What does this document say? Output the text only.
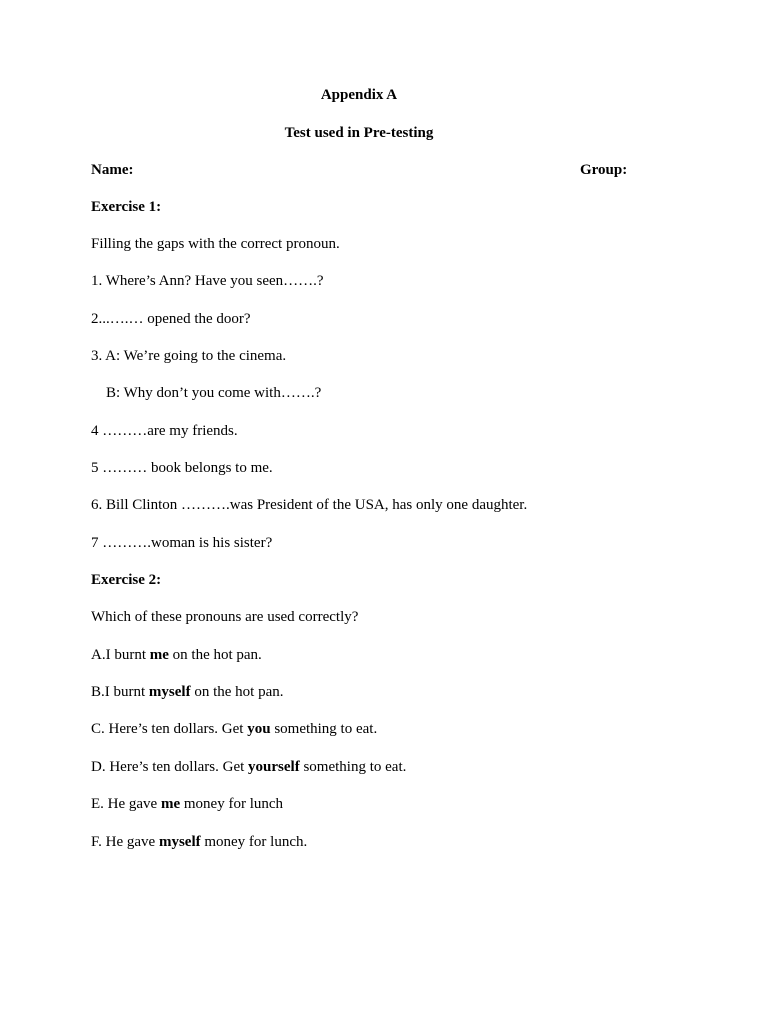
Appendix A
Test used in Pre-testing
Name:	Group:
Exercise 1:
Filling the gaps with the correct pronoun.
1. Where’s Ann? Have you seen…….?
2...….… opened the door?
3. A: We’re going to the cinema.
B: Why don’t you come with…….?
4 ………are my friends.
5 ……… book belongs to me.
6. Bill Clinton ……….was President of the USA, has only one daughter.
7 ……….woman is his sister?
Exercise 2:
Which of these pronouns are used correctly?
A.I burnt me on the hot pan.
B.I burnt myself on the hot pan.
C. Here’s ten dollars. Get you something to eat.
D. Here’s ten dollars. Get yourself something to eat.
E. He gave me money for lunch
F. He gave myself money for lunch.
